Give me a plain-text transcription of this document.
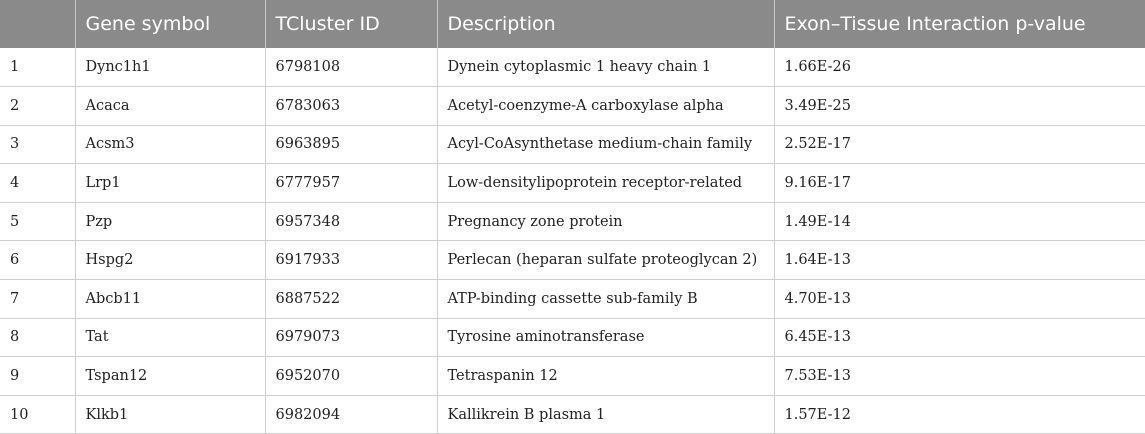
	Gene symbol	TCluster ID	Description	Exon–Tissue Interaction p-value
1	Dync1h1	6798108	Dynein cytoplasmic 1 heavy chain 1	1.66E-26
2	Acaca	6783063	Acetyl-coenzyme-A carboxylase alpha	3.49E-25
3	Acsm3	6963895	Acyl-CoAsynthetase medium-chain family	2.52E-17
4	Lrp1	6777957	Low-densitylipoprotein receptor-related	9.16E-17
5	Pzp	6957348	Pregnancy zone protein	1.49E-14
6	Hspg2	6917933	Perlecan (heparan sulfate proteoglycan 2)	1.64E-13
7	Abcb11	6887522	ATP-binding cassette sub-family B	4.70E-13
8	Tat	6979073	Tyrosine aminotransferase	6.45E-13
9	Tspan12	6952070	Tetraspanin 12	7.53E-13
10	Klkb1	6982094	Kallikrein B plasma 1	1.57E-12
